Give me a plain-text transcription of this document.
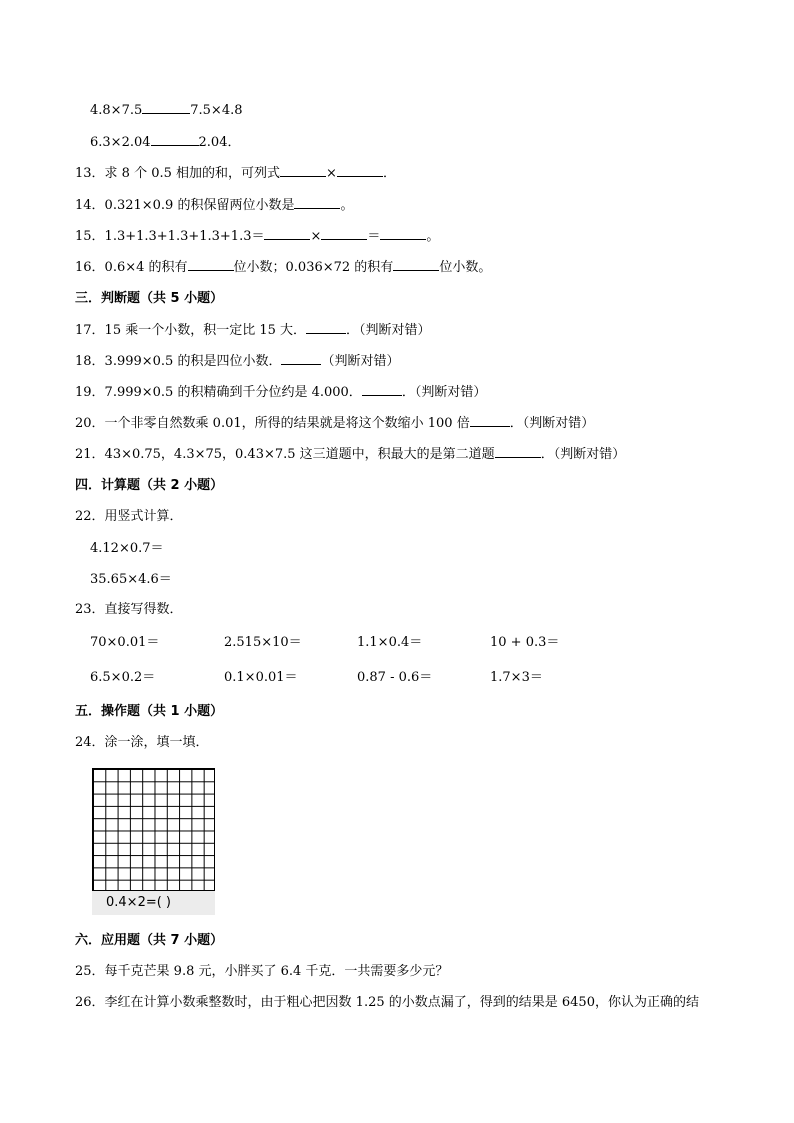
4.8×7.5	7.5×4.8
6.3×2.04	2.04．
13．求 8 个 0.5 相加的和，可列式	×	．
14．0.321×0.9 的积保留两位小数是	。
15．1.3+1.3+1.3+1.3+1.3＝	×	＝	。
16．0.6×4 的积有	位小数；0.036×72 的积有	位小数。
三．判断题（共 5 小题）
17．15 乘一个小数，积一定比 15 大．	．（判断对错）
18．3.999×0.5 的积是四位小数．	（判断对错）
19．7.999×0.5 的积精确到千分位约是 4.000．	．（判断对错）
20．一个非零自然数乘 0.01，所得的结果就是将这个数缩小 100 倍	．（判断对错）
21．43×0.75，4.3×75，0.43×7.5 这三道题中，积最大的是第二道题	．（判断对错）
四．计算题（共 2 小题）
22．用竖式计算．
4.12×0.7＝
35.65×4.6＝
23．直接写得数．
70×0.01＝	2.515×10＝	1.1×0.4＝	10 + 0.3＝
6.5×0.2＝	0.1×0.01＝	0.87 - 0.6＝	1.7×3＝
五．操作题（共 1 小题）
24．涂一涂，填一填．
0.4×2=( )
六．应用题（共 7 小题）
25．每千克芒果 9.8 元，小胖买了 6.4 千克．一共需要多少元？
26．李红在计算小数乘整数时，由于粗心把因数 1.25 的小数点漏了，得到的结果是 6450，你认为正确的结
